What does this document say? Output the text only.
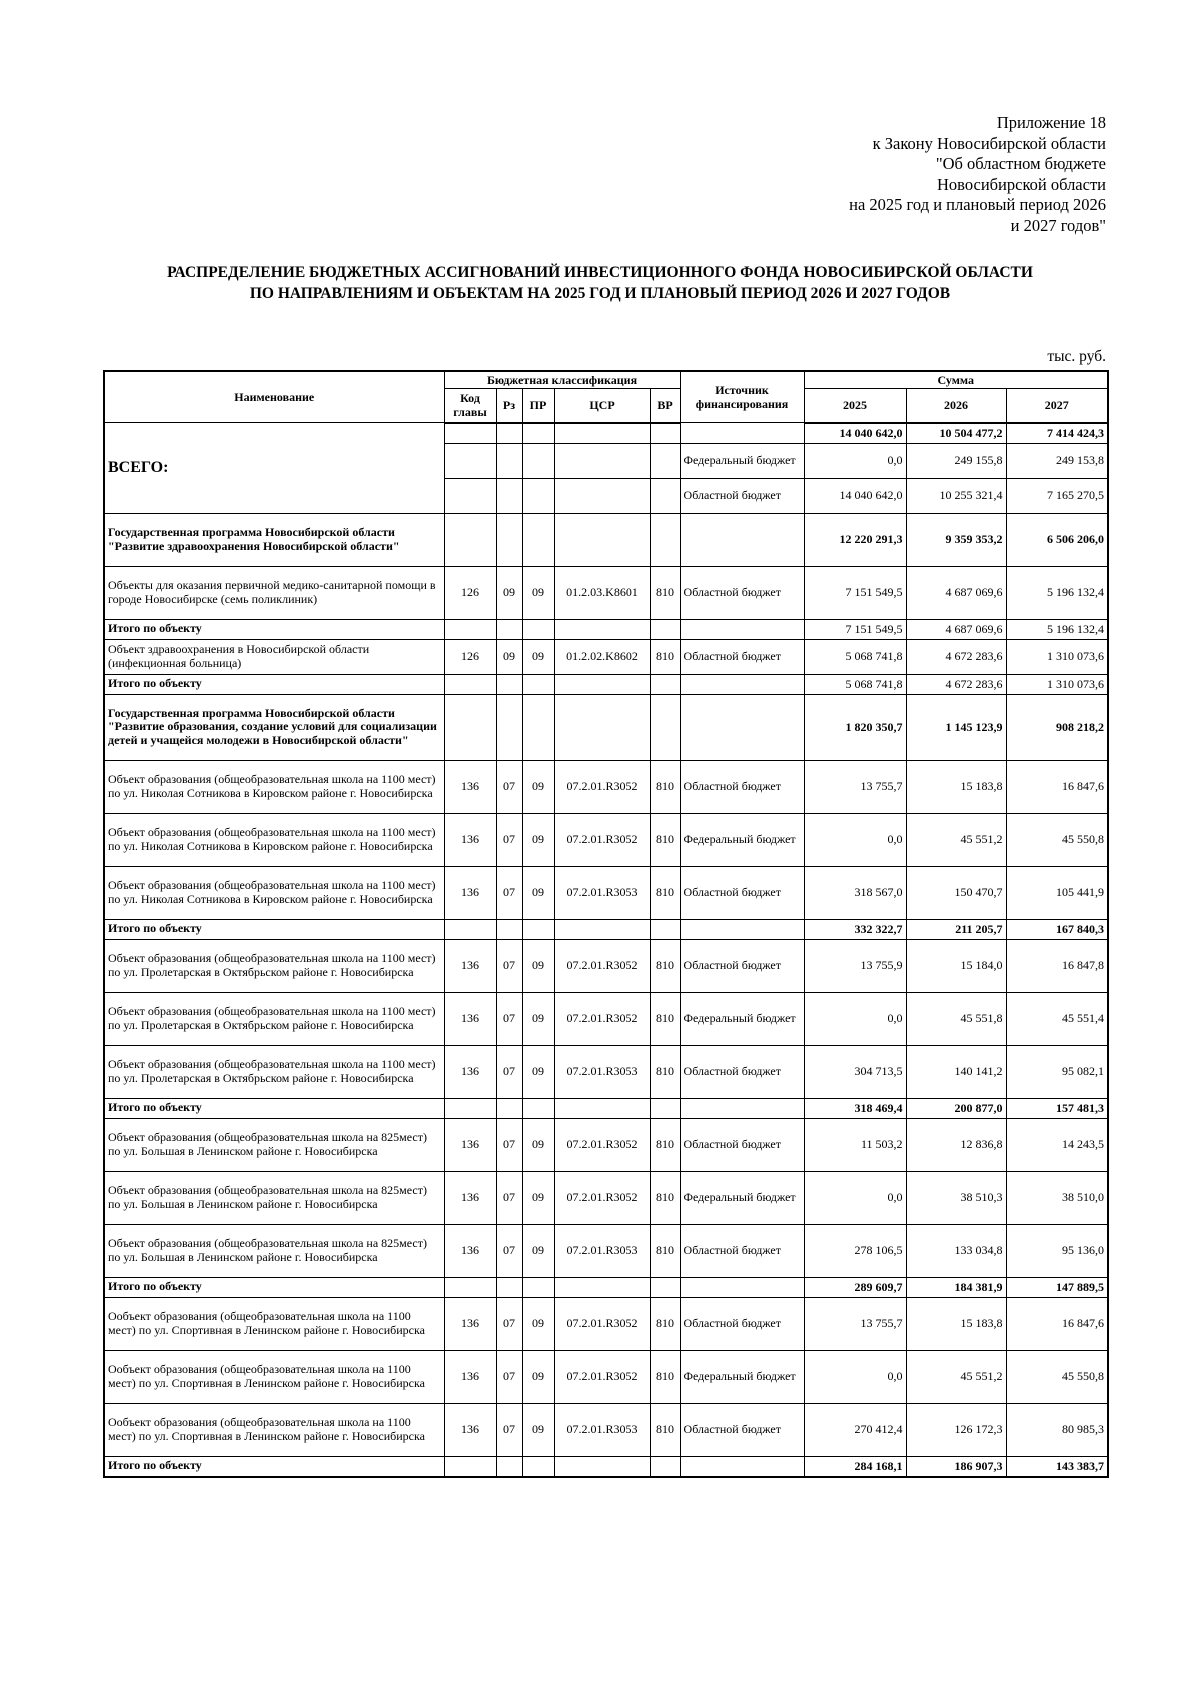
Приложение 18
к Закону Новосибирской области
"Об областном бюджете
Новосибирской области
на 2025 год и плановый период 2026
и 2027 годов"
РАСПРЕДЕЛЕНИЕ БЮДЖЕТНЫХ АССИГНОВАНИЙ ИНВЕСТИЦИОННОГО ФОНДА НОВОСИБИРСКОЙ ОБЛАСТИ
ПО НАПРАВЛЕНИЯМ И ОБЪЕКТАМ НА 2025 ГОД И ПЛАНОВЫЙ ПЕРИОД 2026 И 2027 ГОДОВ
тыс. руб.
Наименование	Бюджетная классификация					Источник финансирования	Сумма		
	Код главы	Рз	ПР	ЦСР	ВР		2025	2026	2027
ВСЕГО:							14 040 642,0	10 504 477,2	7 414 424,3
						Федеральный бюджет	0,0	249 155,8	249 153,8
						Областной бюджет	14 040 642,0	10 255 321,4	7 165 270,5
Государственная программа Новосибирской области "Развитие здравоохранения Новосибирской области"							12 220 291,3	9 359 353,2	6 506 206,0
Объекты для оказания первичной медико-санитарной помощи в городе Новосибирске (семь поликлиник)	126	09	09	01.2.03.K8601	810	Областной бюджет	7 151 549,5	4 687 069,6	5 196 132,4
Итого по объекту							7 151 549,5	4 687 069,6	5 196 132,4
Объект здравоохранения в Новосибирской области (инфекционная больница)	126	09	09	01.2.02.K8602	810	Областной бюджет	5 068 741,8	4 672 283,6	1 310 073,6
Итого по объекту							5 068 741,8	4 672 283,6	1 310 073,6
Государственная программа Новосибирской области "Развитие образования, создание условий для социализации детей и учащейся молодежи в Новосибирской области"							1 820 350,7	1 145 123,9	908 218,2
Объект образования (общеобразовательная школа на 1100 мест) по ул. Николая Сотникова в Кировском районе г. Новосибирска	136	07	09	07.2.01.R3052	810	Областной бюджет	13 755,7	15 183,8	16 847,6
Объект образования (общеобразовательная школа на 1100 мест) по ул. Николая Сотникова в Кировском районе г. Новосибирска	136	07	09	07.2.01.R3052	810	Федеральный бюджет	0,0	45 551,2	45 550,8
Объект образования (общеобразовательная школа на 1100 мест) по ул. Николая Сотникова в Кировском районе г. Новосибирска	136	07	09	07.2.01.R3053	810	Областной бюджет	318 567,0	150 470,7	105 441,9
Итого по объекту							332 322,7	211 205,7	167 840,3
Объект образования (общеобразовательная школа на 1100 мест) по ул. Пролетарская в Октябрьском районе г. Новосибирска	136	07	09	07.2.01.R3052	810	Областной бюджет	13 755,9	15 184,0	16 847,8
Объект образования (общеобразовательная школа на 1100 мест) по ул. Пролетарская в Октябрьском районе г. Новосибирска	136	07	09	07.2.01.R3052	810	Федеральный бюджет	0,0	45 551,8	45 551,4
Объект образования (общеобразовательная школа на 1100 мест) по ул. Пролетарская в Октябрьском районе г. Новосибирска	136	07	09	07.2.01.R3053	810	Областной бюджет	304 713,5	140 141,2	95 082,1
Итого по объекту							318 469,4	200 877,0	157 481,3
Объект образования (общеобразовательная школа на 825мест) по ул. Большая в Ленинском районе г. Новосибирска	136	07	09	07.2.01.R3052	810	Областной бюджет	11 503,2	12 836,8	14 243,5
Объект образования (общеобразовательная школа на 825мест) по ул. Большая в Ленинском районе г. Новосибирска	136	07	09	07.2.01.R3052	810	Федеральный бюджет	0,0	38 510,3	38 510,0
Объект образования (общеобразовательная школа на 825мест) по ул. Большая в Ленинском районе г. Новосибирска	136	07	09	07.2.01.R3053	810	Областной бюджет	278 106,5	133 034,8	95 136,0
Итого по объекту							289 609,7	184 381,9	147 889,5
Ообъект образования (общеобразовательная школа на 1100 мест) по ул. Спортивная в Ленинском районе г. Новосибирска	136	07	09	07.2.01.R3052	810	Областной бюджет	13 755,7	15 183,8	16 847,6
Ообъект образования (общеобразовательная школа на 1100 мест) по ул. Спортивная в Ленинском районе г. Новосибирска	136	07	09	07.2.01.R3052	810	Федеральный бюджет	0,0	45 551,2	45 550,8
Ообъект образования (общеобразовательная школа на 1100 мест) по ул. Спортивная в Ленинском районе г. Новосибирска	136	07	09	07.2.01.R3053	810	Областной бюджет	270 412,4	126 172,3	80 985,3
Итого по объекту							284 168,1	186 907,3	143 383,7
